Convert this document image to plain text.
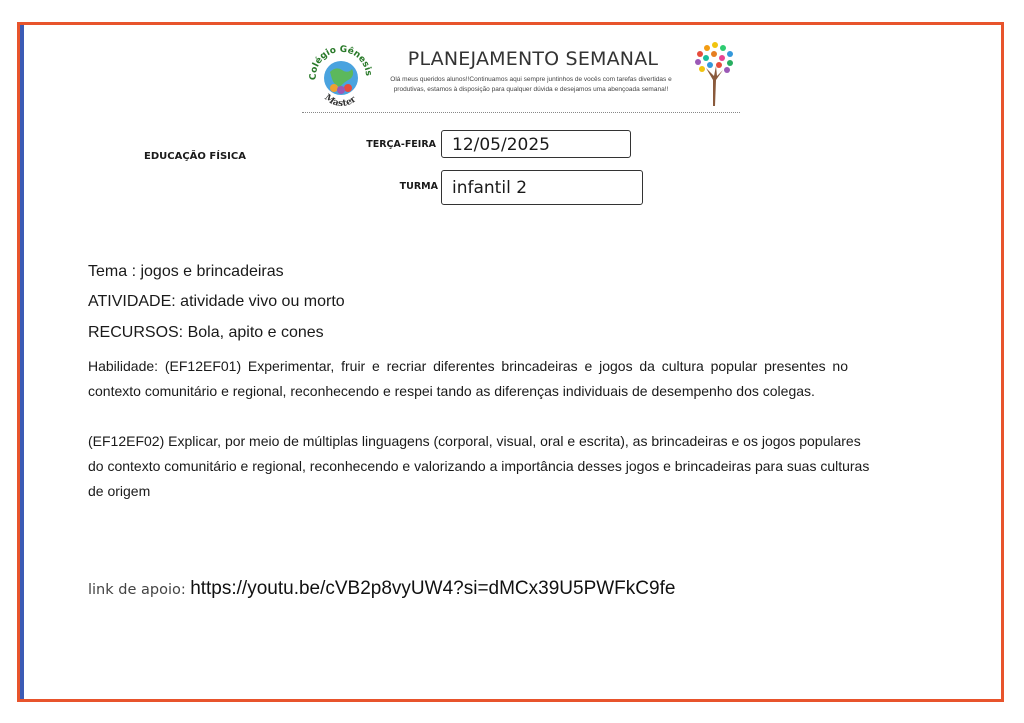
PLANEJAMENTO SEMANAL
Olá meus queridos alunos!!Continuamos aqui sempre juntinhos de vocês com tarefas divertidas e produtivas, estamos à disposição para qualquer dúvida e desejamos uma abençoada semana!!
Colégio Gênesis
Master
EDUCAÇÃO FÍSICA
TERÇA-FEIRA 12/05/2025
TURMA infantil 2
Tema : jogos e brincadeiras
ATIVIDADE: atividade vivo ou morto
RECURSOS: Bola, apito e cones
Habilidade: (EF12EF01) Experimentar, fruir e recriar diferentes brincadeiras e jogos da cultura popular presentes no contexto comunitário e regional, reconhecendo e respei tando as diferenças individuais de desempenho dos colegas.
(EF12EF02) Explicar, por meio de múltiplas linguagens (corporal, visual, oral e escrita), as brincadeiras e os jogos populares do contexto comunitário e regional, reconhecendo e valorizando a importância desses jogos e brincadeiras para suas culturas de origem
link de apoio: https://youtu.be/cVB2p8vyUW4?si=dMCx39U5PWFkC9fe
